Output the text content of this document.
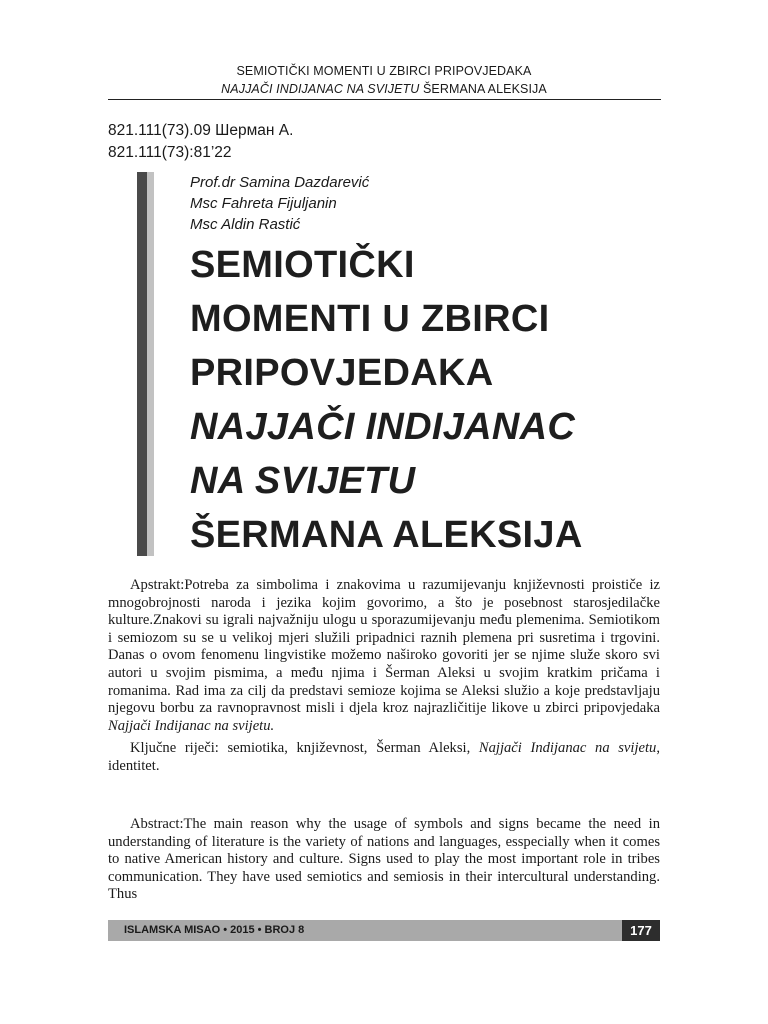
SEMIOTIČKI MOMENTI U ZBIRCI PRIPOVJEDAKA
NAJJAČI INDIJANAC NA SVIJETU ŠERMANA ALEKSIJA
821.111(73).09 Шерман А.
821.111(73):81’22
Prof.dr Samina Dazdarević
Msc Fahreta Fijuljanin
Msc Aldin Rastić
SEMIOTIČKI
MOMENTI U ZBIRCI
PRIPOVJEDAKA
NAJJAČI INDIJANAC
NA SVIJETU
ŠERMANA ALEKSIJA

Apstrakt:Potreba za simbolima i znakovima u razumijevanju književnosti proističe iz mnogobrojnosti naroda i jezika kojim govorimo, a što je posebnost starosjedilačke kulture.Znakovi su igrali najvažniju ulogu u sporazumijevanju među plemenima. Semiotikom i semiozom su se u velikoj mjeri služili pripadnici raznih plemena pri susretima i trgovini. Danas o ovom fenomenu lingvistike možemo naširoko govoriti jer se njime služe skoro svi autori u svojim pismima, a među njima i Šerman Aleksi u svojim kratkim pričama i romanima. Rad ima za cilj da predstavi semioze kojima se Aleksi služio a koje predstavljaju njegovu borbu za ravnopravnost misli i djela kroz najrazličitije likove u zbirci pripovjedaka Najjači Indijanac na svijetu.

Ključne riječi: semiotika, književnost, Šerman Aleksi, Najjači Indijanac na svijetu, identitet.

Abstract:The main reason why the usage of symbols and signs became the need in understanding of literature is the variety of nations and languages, esspecially when it comes to native American history and culture. Signs used to play the most important role in tribes communication. They have used semiotics and semiosis in their intercultural understanding. Thus

ISLAMSKA MISAO • 2015 • BROJ 8	177
